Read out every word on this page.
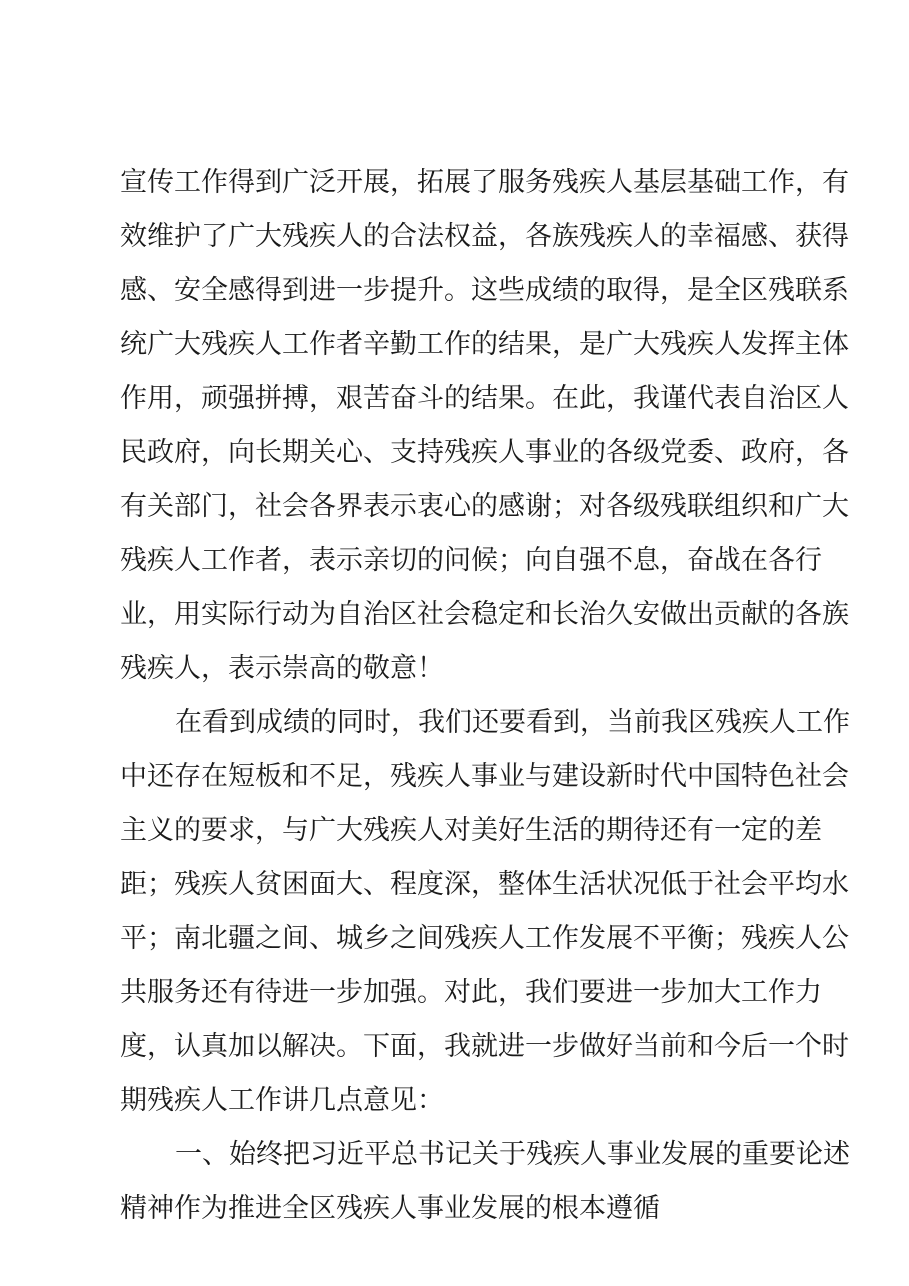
宣传工作得到广泛开展，拓展了服务残疾人基层基础工作，有
效维护了广大残疾人的合法权益，各族残疾人的幸福感、获得
感、安全感得到进一步提升。这些成绩的取得，是全区残联系
统广大残疾人工作者辛勤工作的结果，是广大残疾人发挥主体
作用，顽强拼搏，艰苦奋斗的结果。在此，我谨代表自治区人
民政府，向长期关心、支持残疾人事业的各级党委、政府，各
有关部门，社会各界表示衷心的感谢；对各级残联组织和广大
残疾人工作者，表示亲切的问候；向自强不息，奋战在各行
业，用实际行动为自治区社会稳定和长治久安做出贡献的各族
残疾人，表示崇高的敬意！
在看到成绩的同时，我们还要看到，当前我区残疾人工作
中还存在短板和不足，残疾人事业与建设新时代中国特色社会
主义的要求，与广大残疾人对美好生活的期待还有一定的差
距；残疾人贫困面大、程度深，整体生活状况低于社会平均水
平；南北疆之间、城乡之间残疾人工作发展不平衡；残疾人公
共服务还有待进一步加强。对此，我们要进一步加大工作力
度，认真加以解决。下面，我就进一步做好当前和今后一个时
期残疾人工作讲几点意见：
一、始终把习近平总书记关于残疾人事业发展的重要论述
精神作为推进全区残疾人事业发展的根本遵循
